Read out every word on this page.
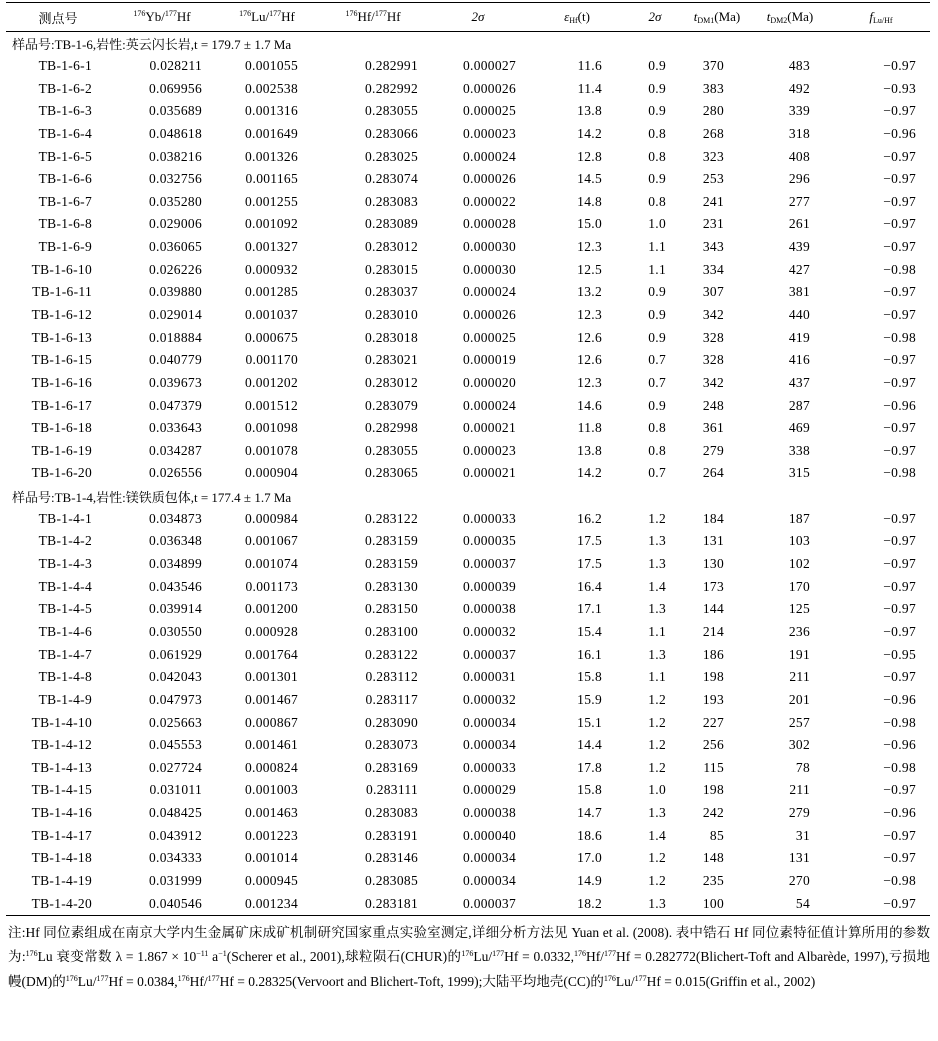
测点号	$^{176}$Yb/$^{177}$Hf	$^{176}$Lu/$^{177}$Hf	$^{176}$Hf/$^{177}$Hf	2σ	$\varepsilon_{Hf}(t)$	2σ	$t_{DM1}(Ma)$	$t_{DM2}(Ma)$	$f_{Lu/Hf}$
样品号:TB-1-6,岩性:英云闪长岩,t = 179.7 ± 1.7 Ma									
TB-1-6-1	0.028211	0.001055	0.282991	0.000027	11.6	0.9	370	483	−0.97
TB-1-6-2	0.069956	0.002538	0.282992	0.000026	11.4	0.9	383	492	−0.93
TB-1-6-3	0.035689	0.001316	0.283055	0.000025	13.8	0.9	280	339	−0.97
TB-1-6-4	0.048618	0.001649	0.283066	0.000023	14.2	0.8	268	318	−0.96
TB-1-6-5	0.038216	0.001326	0.283025	0.000024	12.8	0.8	323	408	−0.97
TB-1-6-6	0.032756	0.001165	0.283074	0.000026	14.5	0.9	253	296	−0.97
TB-1-6-7	0.035280	0.001255	0.283083	0.000022	14.8	0.8	241	277	−0.97
TB-1-6-8	0.029006	0.001092	0.283089	0.000028	15.0	1.0	231	261	−0.97
TB-1-6-9	0.036065	0.001327	0.283012	0.000030	12.3	1.1	343	439	−0.97
TB-1-6-10	0.026226	0.000932	0.283015	0.000030	12.5	1.1	334	427	−0.98
TB-1-6-11	0.039880	0.001285	0.283037	0.000024	13.2	0.9	307	381	−0.97
TB-1-6-12	0.029014	0.001037	0.283010	0.000026	12.3	0.9	342	440	−0.97
TB-1-6-13	0.018884	0.000675	0.283018	0.000025	12.6	0.9	328	419	−0.98
TB-1-6-15	0.040779	0.001170	0.283021	0.000019	12.6	0.7	328	416	−0.97
TB-1-6-16	0.039673	0.001202	0.283012	0.000020	12.3	0.7	342	437	−0.97
TB-1-6-17	0.047379	0.001512	0.283079	0.000024	14.6	0.9	248	287	−0.96
TB-1-6-18	0.033643	0.001098	0.282998	0.000021	11.8	0.8	361	469	−0.97
TB-1-6-19	0.034287	0.001078	0.283055	0.000023	13.8	0.8	279	338	−0.97
TB-1-6-20	0.026556	0.000904	0.283065	0.000021	14.2	0.7	264	315	−0.98
样品号:TB-1-4,岩性:镁铁质包体,t = 177.4 ± 1.7 Ma									
TB-1-4-1	0.034873	0.000984	0.283122	0.000033	16.2	1.2	184	187	−0.97
TB-1-4-2	0.036348	0.001067	0.283159	0.000035	17.5	1.3	131	103	−0.97
TB-1-4-3	0.034899	0.001074	0.283159	0.000037	17.5	1.3	130	102	−0.97
TB-1-4-4	0.043546	0.001173	0.283130	0.000039	16.4	1.4	173	170	−0.97
TB-1-4-5	0.039914	0.001200	0.283150	0.000038	17.1	1.3	144	125	−0.97
TB-1-4-6	0.030550	0.000928	0.283100	0.000032	15.4	1.1	214	236	−0.97
TB-1-4-7	0.061929	0.001764	0.283122	0.000037	16.1	1.3	186	191	−0.95
TB-1-4-8	0.042043	0.001301	0.283112	0.000031	15.8	1.1	198	211	−0.97
TB-1-4-9	0.047973	0.001467	0.283117	0.000032	15.9	1.2	193	201	−0.96
TB-1-4-10	0.025663	0.000867	0.283090	0.000034	15.1	1.2	227	257	−0.98
TB-1-4-12	0.045553	0.001461	0.283073	0.000034	14.4	1.2	256	302	−0.96
TB-1-4-13	0.027724	0.000824	0.283169	0.000033	17.8	1.2	115	78	−0.98
TB-1-4-15	0.031011	0.001003	0.283111	0.000029	15.8	1.0	198	211	−0.97
TB-1-4-16	0.048425	0.001463	0.283083	0.000038	14.7	1.3	242	279	−0.96
TB-1-4-17	0.043912	0.001223	0.283191	0.000040	18.6	1.4	85	31	−0.97
TB-1-4-18	0.034333	0.001014	0.283146	0.000034	17.0	1.2	148	131	−0.97
TB-1-4-19	0.031999	0.000945	0.283085	0.000034	14.9	1.2	235	270	−0.98
TB-1-4-20	0.040546	0.001234	0.283181	0.000037	18.2	1.3	100	54	−0.97
注:Hf 同位素组成在南京大学内生金属矿床成矿机制研究国家重点实验室测定,详细分析方法见 Yuan et al. (2008). 表中锆石 Hf 同位素特征值计算所用的参数为:$^{176}$Lu 衰变常数 $\lambda = 1.867 \times 10^{-11}$ $a^{-1}(Scherer$ et al., 2001),球粒陨石(CHUR)的$^{176}$Lu/$^{177}$Hf = 0.0332,$^{176}$Hf/$^{177}$Hf = 0.282772(Blichert-Toft and Albarède, 1997),亏损地幔(DM)的$^{176}$Lu/$^{177}$Hf = 0.0384,$^{176}$Hf/$^{177}$Hf = 0.28325(Vervoort and Blichert-Toft, 1999);大陆平均地壳(CC)的$^{176}$Lu/$^{177}$Hf = 0.015(Griffin et al., 2002)
